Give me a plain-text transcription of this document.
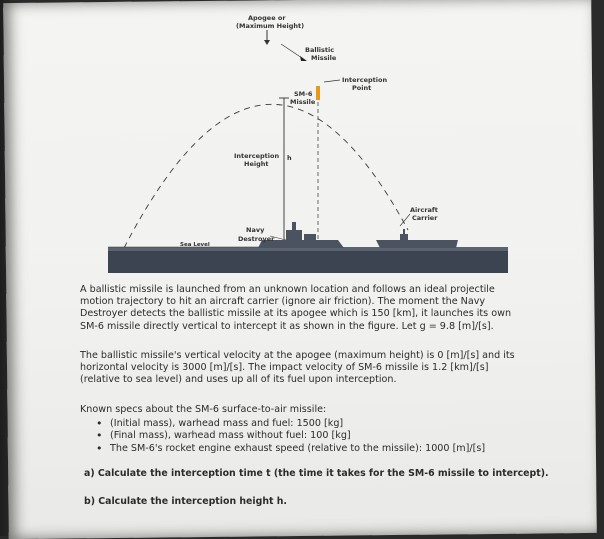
Apogee or
(Maximum Height)
Ballistic
Missile
Interception
Point
SM-6
Missile
Interception
Height
h
Navy
Destroyer
Aircraft
Carrier
Sea Level

A ballistic missile is launched from an unknown location and follows an ideal projectile motion trajectory to hit an aircraft carrier (ignore air friction). The moment the Navy Destroyer detects the ballistic missile at its apogee which is 150 [km], it launches its own SM-6 missile directly vertical to intercept it as shown in the figure. Let g = 9.8 [m]/[s].

The ballistic missile's vertical velocity at the apogee (maximum height) is 0 [m]/[s] and its horizontal velocity is 3000 [m]/[s]. The impact velocity of SM-6 missile is 1.2 [km]/[s] (relative to sea level) and uses up all of its fuel upon interception.

Known specs about the SM-6 surface-to-air missile:

• (Initial mass), warhead mass and fuel: 1500 [kg]
• (Final mass), warhead mass without fuel: 100 [kg]
• The SM-6's rocket engine exhaust speed (relative to the missile): 1000 [m]/[s]
a) Calculate the interception time t (the time it takes for the SM-6 missile to intercept).
b) Calculate the interception height h.
